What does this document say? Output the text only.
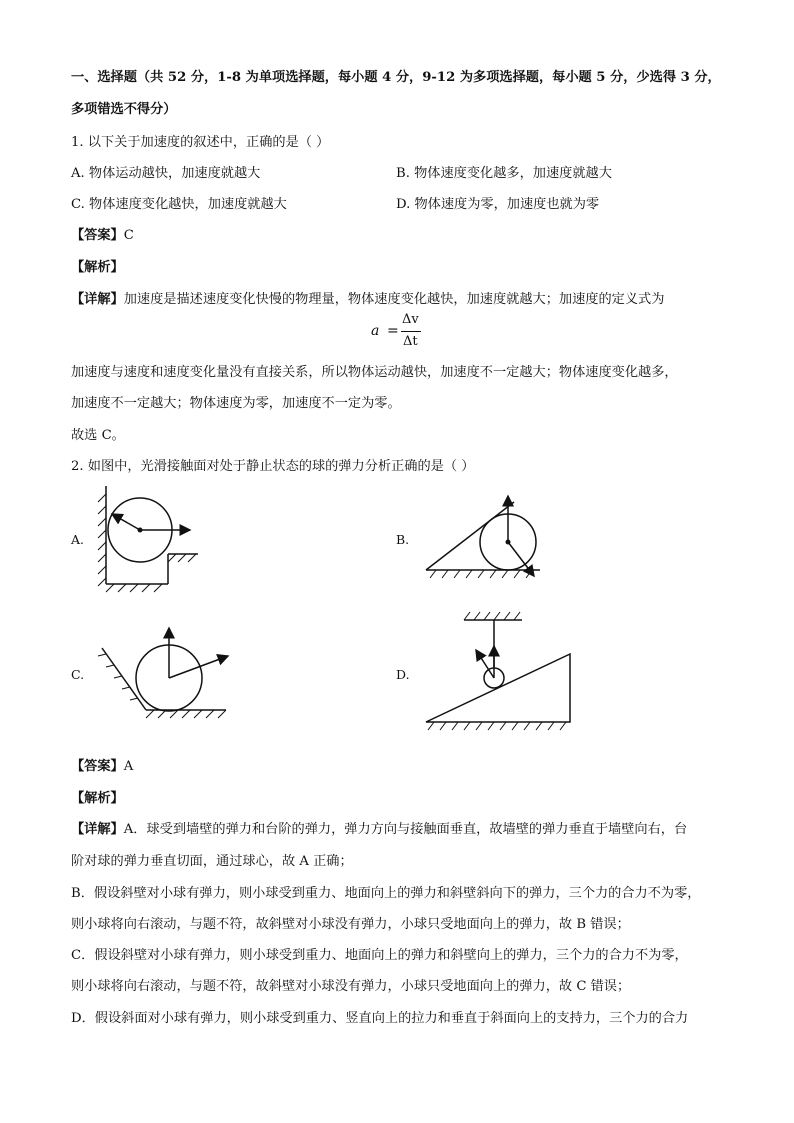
一、选择题（共 52 分，1-8 为单项选择题，每小题 4 分，9-12 为多项选择题，每小题 5 分，少选得 3 分，
多项错选不得分）
1. 以下关于加速度的叙述中，正确的是（ ）
A. 物体运动越快，加速度就越大	B. 物体速度变化越多，加速度就越大
C. 物体速度变化越快，加速度就越大	D. 物体速度为零，加速度也就为零
【答案】C
【解析】
【详解】加速度是描述速度变化快慢的物理量，物体速度变化越快，加速度就越大；加速度的定义式为
a =
Δv
Δt
加速度与速度和速度变化量没有直接关系，所以物体运动越快，加速度不一定越大；物体速度变化越多，
加速度不一定越大；物体速度为零，加速度不一定为零。
故选 C。
2. 如图中，光滑接触面对处于静止状态的球的弹力分析正确的是（ ）
A.	B.
C.	D.
【答案】A
【解析】
【详解】A．球受到墙壁的弹力和台阶的弹力，弹力方向与接触面垂直，故墙壁的弹力垂直于墙壁向右，台
阶对球的弹力垂直切面，通过球心，故 A 正确；
B．假设斜壁对小球有弹力，则小球受到重力、地面向上的弹力和斜壁斜向下的弹力，三个力的合力不为零，
则小球将向右滚动，与题不符，故斜壁对小球没有弹力，小球只受地面向上的弹力，故 B 错误；
C．假设斜壁对小球有弹力，则小球受到重力、地面向上的弹力和斜壁向上的弹力，三个力的合力不为零，
则小球将向右滚动，与题不符，故斜壁对小球没有弹力，小球只受地面向上的弹力，故 C 错误；
D．假设斜面对小球有弹力，则小球受到重力、竖直向上的拉力和垂直于斜面向上的支持力，三个力的合力
